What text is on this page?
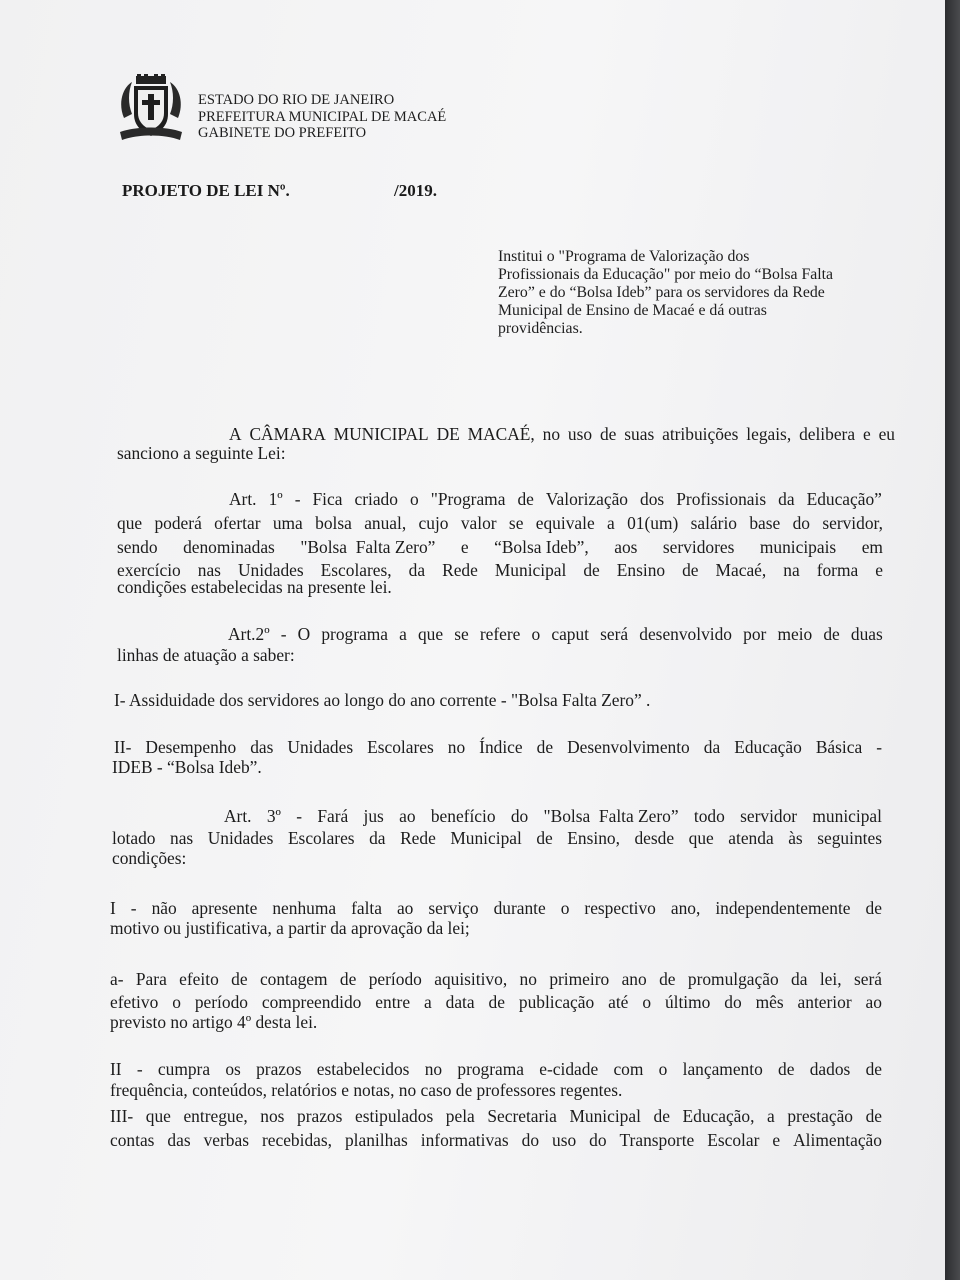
ESTADO DO RIO DE JANEIRO
PREFEITURA MUNICIPAL DE MACAÉ
GABINETE DO PREFEITO
PROJETO DE LEI Nº.	/2019.
Institui o "Programa de Valorização dos
Profissionais da Educação" por meio do “Bolsa Falta
Zero” e do “Bolsa Ideb” para os servidores da Rede
Municipal de Ensino de Macaé e dá outras
providências.
A CÂMARA MUNICIPAL DE MACAÉ, no uso de suas atribuições legais, delibera e eu
sanciono a seguinte Lei:
Art. 1º - Fica criado o "Programa de Valorização dos Profissionais da Educação”
que poderá ofertar uma bolsa anual, cujo valor se equivale a 01(um) salário base do servidor,
sendo denominadas "Bolsa  Falta Zero” e “Bolsa Ideb”, aos servidores municipais em
exercício nas Unidades Escolares, da Rede Municipal de Ensino de Macaé, na forma e
condições estabelecidas na presente lei.
Art.2º - O programa a que se refere o caput será desenvolvido por meio de duas
linhas de atuação a saber:
I- Assiduidade dos servidores ao longo do ano corrente - "Bolsa Falta Zero” .
II- Desempenho das Unidades Escolares no Índice de Desenvolvimento da Educação Básica -
IDEB - “Bolsa Ideb”.
Art. 3º - Fará jus ao benefício do "Bolsa  Falta Zero” todo servidor municipal
lotado nas Unidades Escolares da Rede Municipal de Ensino, desde que atenda às seguintes
condições:
I - não apresente nenhuma falta ao serviço durante o respectivo ano, independentemente de
motivo ou justificativa, a partir da aprovação da lei;
a- Para efeito de contagem de período aquisitivo, no primeiro ano de promulgação da lei, será
efetivo o período compreendido entre a data de publicação até o último do mês anterior ao
previsto no artigo 4º desta lei.
II - cumpra os prazos estabelecidos no programa e-cidade com o lançamento de dados de
frequência, conteúdos, relatórios e notas, no caso de professores regentes.
III- que entregue, nos prazos estipulados pela Secretaria Municipal de Educação, a prestação de
contas das verbas recebidas, planilhas informativas do uso do Transporte Escolar e Alimentação
